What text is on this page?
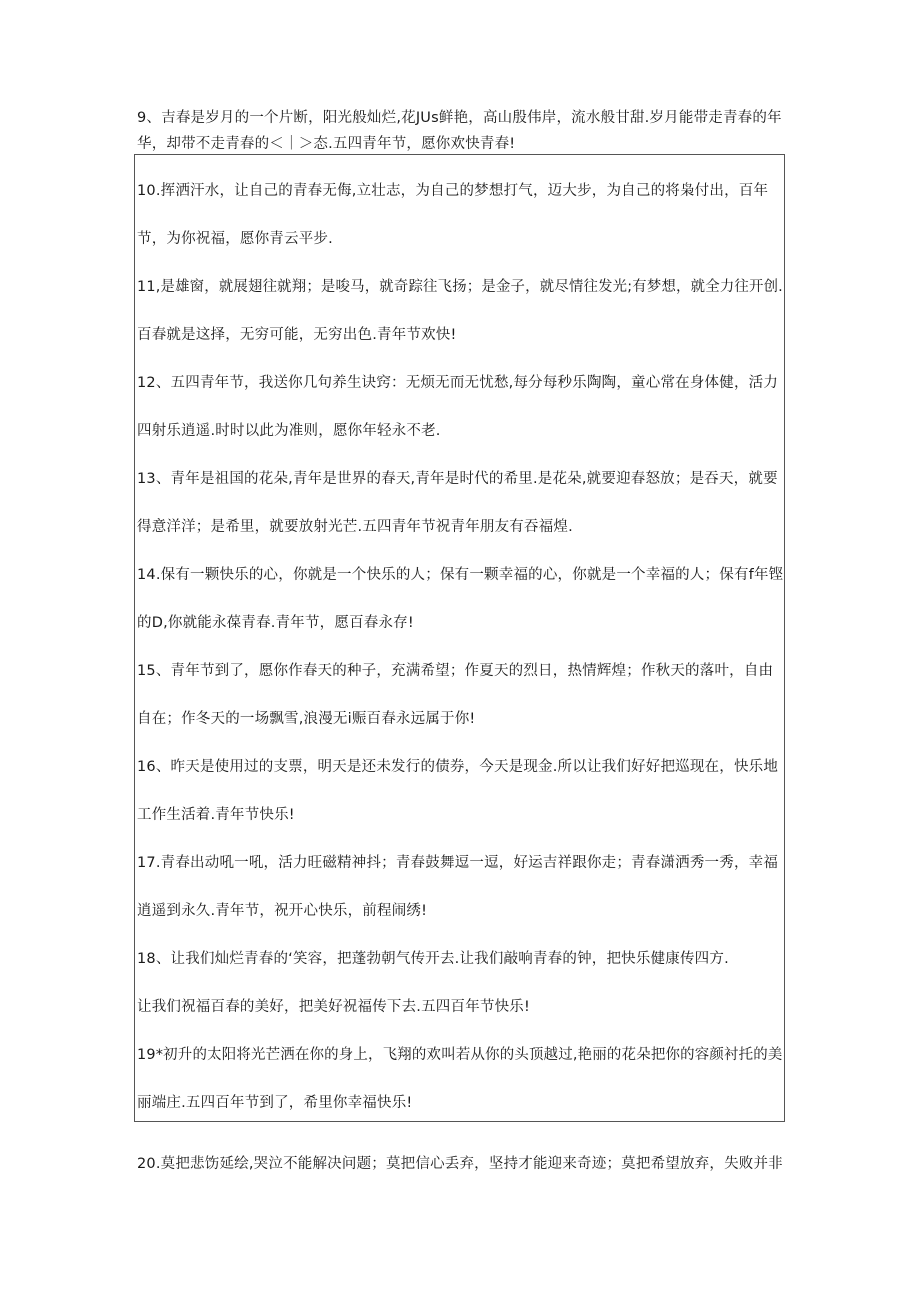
9、吉春是岁月的一个片断，阳光般灿烂,花JUs鲜艳，高山殷伟岸，流水般甘甜.岁月能带走青春的年
华，却带不走青春的＜｜＞态.五四青年节，愿你欢快青春!
10.挥洒汗水，让自己的青春无侮,立壮志，为自己的梦想打气，迈大步，为自己的将枭付出，百年
节，为你祝福，愿你青云平步.
11,是雄窗，就展翅往就翔；是唆马，就奇踪往飞扬；是金子，就尽情往发光;有梦想，就全力往开创.
百春就是这择，无穷可能，无穷出色.青年节欢快!
12、五四青年节，我送你几句养生诀窍：无烦无而无忧愁,每分每秒乐陶陶，童心常在身体健，活力
四射乐逍遥.时时以此为准则，愿你年轻永不老.
13、青年是祖国的花朵,青年是世界的春天,青年是时代的希里.是花朵,就要迎春怒放；是吞天，就要
得意洋洋；是希里，就要放射光芒.五四青年节祝青年朋友有吞福煌.
14.保有一颗快乐的心，你就是一个快乐的人；保有一颗幸福的心，你就是一个幸福的人；保有f年铿
的D,你就能永葆青春.青年节，愿百春永存!
15、青年节到了，愿你作春天的种子，充满希望；作夏天的烈日，热情辉煌；作秋天的落叶，自由
自在；作冬天的一场飘雪,浪漫无i赈百春永远属于你!
16、昨天是使用过的支票，明天是还未发行的债券，今天是现金.所以让我们好好把巡现在，快乐地
工作生活着.青年节快乐!
17.青春出动吼一吼，活力旺磁精神抖；青春鼓舞逗一逗，好运吉祥跟你走；青春潇洒秀一秀，幸福
逍遥到永久.青年节，祝开心快乐，前程闹绣!
18、让我们灿烂青春的‘笑容，把蓬勃朝气传开去.让我们敲响青春的钟，把快乐健康传四方.
让我们祝福百春的美好，把美好祝福传下去.五四百年节快乐!
19*初升的太阳将光芒洒在你的身上，飞翔的欢叫若从你的头顶越过,艳丽的花朵把你的容颜衬托的美
丽端庄.五四百年节到了，希里你幸福快乐!
20.莫把悲饬延绘,哭泣不能解决问题；莫把信心丢弃，坚持才能迎来奇迹；莫把希望放弃，失败并非
